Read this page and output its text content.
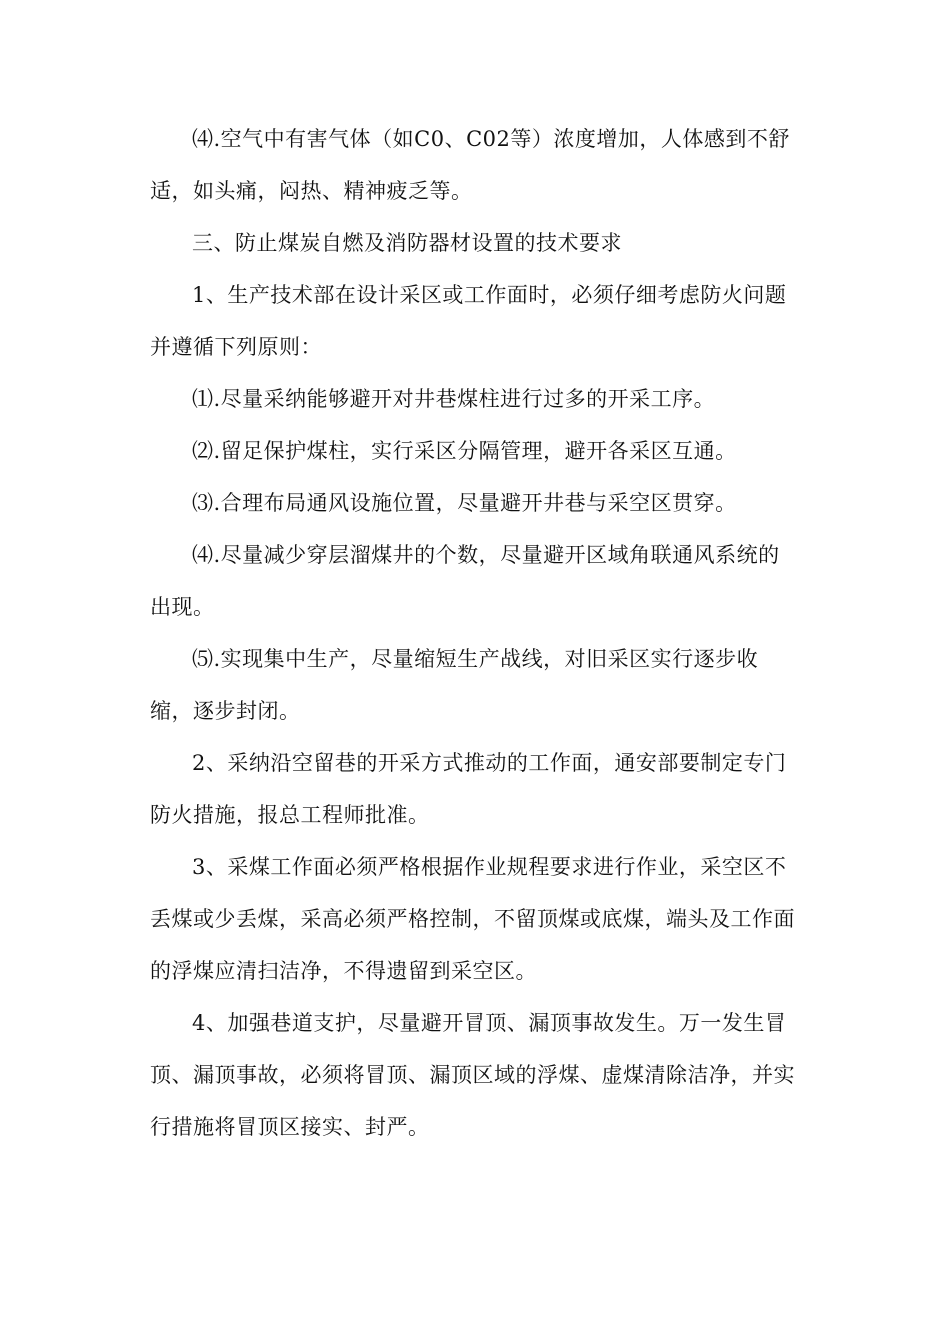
⑷.空气中有害气体（如C0、C02等）浓度增加，人体感到不舒适，如头痛，闷热、精神疲乏等。

三、防止煤炭自燃及消防器材设置的技术要求

1、生产技术部在设计采区或工作面时，必须仔细考虑防火问题并遵循下列原则：

⑴.尽量采纳能够避开对井巷煤柱进行过多的开采工序。

⑵.留足保护煤柱，实行采区分隔管理，避开各采区互通。

⑶.合理布局通风设施位置，尽量避开井巷与采空区贯穿。

⑷.尽量减少穿层溜煤井的个数，尽量避开区域角联通风系统的出现。

⑸.实现集中生产，尽量缩短生产战线，对旧采区实行逐步收缩，逐步封闭。

2、采纳沿空留巷的开采方式推动的工作面，通安部要制定专门防火措施，报总工程师批准。

3、采煤工作面必须严格根据作业规程要求进行作业，采空区不丢煤或少丢煤，采高必须严格控制，不留顶煤或底煤，端头及工作面的浮煤应清扫洁净，不得遗留到采空区。

4、加强巷道支护，尽量避开冒顶、漏顶事故发生。万一发生冒顶、漏顶事故，必须将冒顶、漏顶区域的浮煤、虚煤清除洁净，并实行措施将冒顶区接实、封严。
